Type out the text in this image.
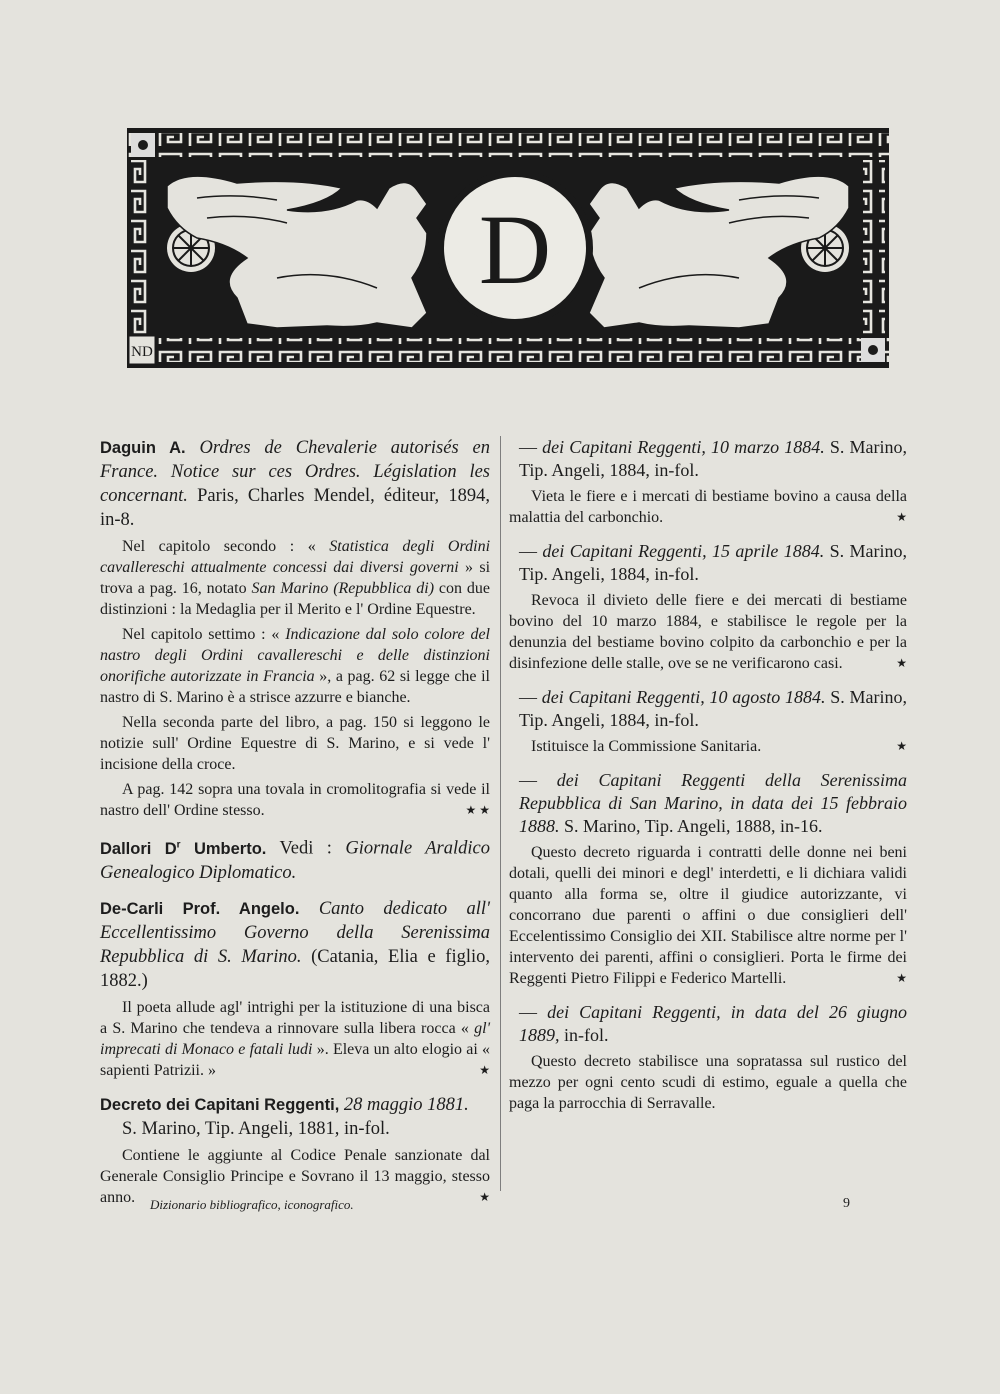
ND
D

Daguin A. Ordres de Chevalerie autorisés en France. Notice sur ces Ordres. Législation les concernant. Paris, Charles Mendel, éditeur, 1894, in-8.

Nel capitolo secondo : « Statistica degli Ordini cavallereschi attualmente concessi dai diversi governi » si trova a pag. 16, notato San Marino (Repubblica di) con due distinzioni : la Medaglia per il Merito e l' Ordine Equestre.

Nel capitolo settimo : « Indicazione dal solo colore del nastro degli Ordini cavallereschi e delle distinzioni onorifiche autorizzate in Francia », a pag. 62 si legge che il nastro di S. Marino è a strisce azzurre e bianche.

Nella seconda parte del libro, a pag. 150 si leggono le notizie sull' Ordine Equestre di S. Marino, e si vede l' incisione della croce.

A pag. 142 sopra una tovala in cromolitografia si vede il nastro dell' Ordine stesso.	★ ★

Dallori $D^r$ Umberto. Vedi : Giornale Araldico Genealogico Diplomatico.

De-Carli Prof. Angelo. Canto dedicato all' Eccellentissimo Governo della Serenissima Repubblica di S. Marino. (Catania, Elia e figlio, 1882.)

Il poeta allude agl' intrighi per la istituzione di una bisca a S. Marino che tendeva a rinnovare sulla libera rocca « gl' imprecati di Monaco e fatali ludi ». Eleva un alto elogio ai « sapienti Patrizii. »	★

Decreto dei Capitani Reggenti, 28 maggio 1881.

S. Marino, Tip. Angeli, 1881, in-fol.

Contiene le aggiunte al Codice Penale sanzionate dal Generale Consiglio Principe e Sovrano il 13 maggio, stesso anno.	★

— dei Capitani Reggenti, 10 marzo 1884. S. Marino, Tip. Angeli, 1884, in-fol.

Vieta le fiere e i mercati di bestiame bovino a causa della malattia del carbonchio.	★

— dei Capitani Reggenti, 15 aprile 1884. S. Marino, Tip. Angeli, 1884, in-fol.

Revoca il divieto delle fiere e dei mercati di bestiame bovino del 10 marzo 1884, e stabilisce le regole per la denunzia del bestiame bovino colpito da carbonchio e per la disinfezione delle stalle, ove se ne verificarono casi.	★

— dei Capitani Reggenti, 10 agosto 1884. S. Marino, Tip. Angeli, 1884, in-fol.

Istituisce la Commissione Sanitaria.	★

— dei Capitani Reggenti della Serenissima Repubblica di San Marino, in data dei 15 febbraio 1888. S. Marino, Tip. Angeli, 1888, in-16.

Questo decreto riguarda i contratti delle donne nei beni dotali, quelli dei minori e degl' interdetti, e li dichiara validi quanto alla forma se, oltre il giudice autorizzante, vi concorrano due parenti o affini o due consiglieri dell' Eccelentissimo Consiglio dei XII. Stabilisce altre norme per l' intervento dei parenti, affini o consiglieri. Porta le firme dei Reggenti Pietro Filippi e Federico Martelli.	★

— dei Capitani Reggenti, in data del 26 giugno 1889, in-fol.

Questo decreto stabilisce una sopratassa sul rustico del mezzo per ogni cento scudi di estimo, eguale a quella che paga la parrocchia di Serravalle.

Dizionario bibliografico, iconografico.	9
